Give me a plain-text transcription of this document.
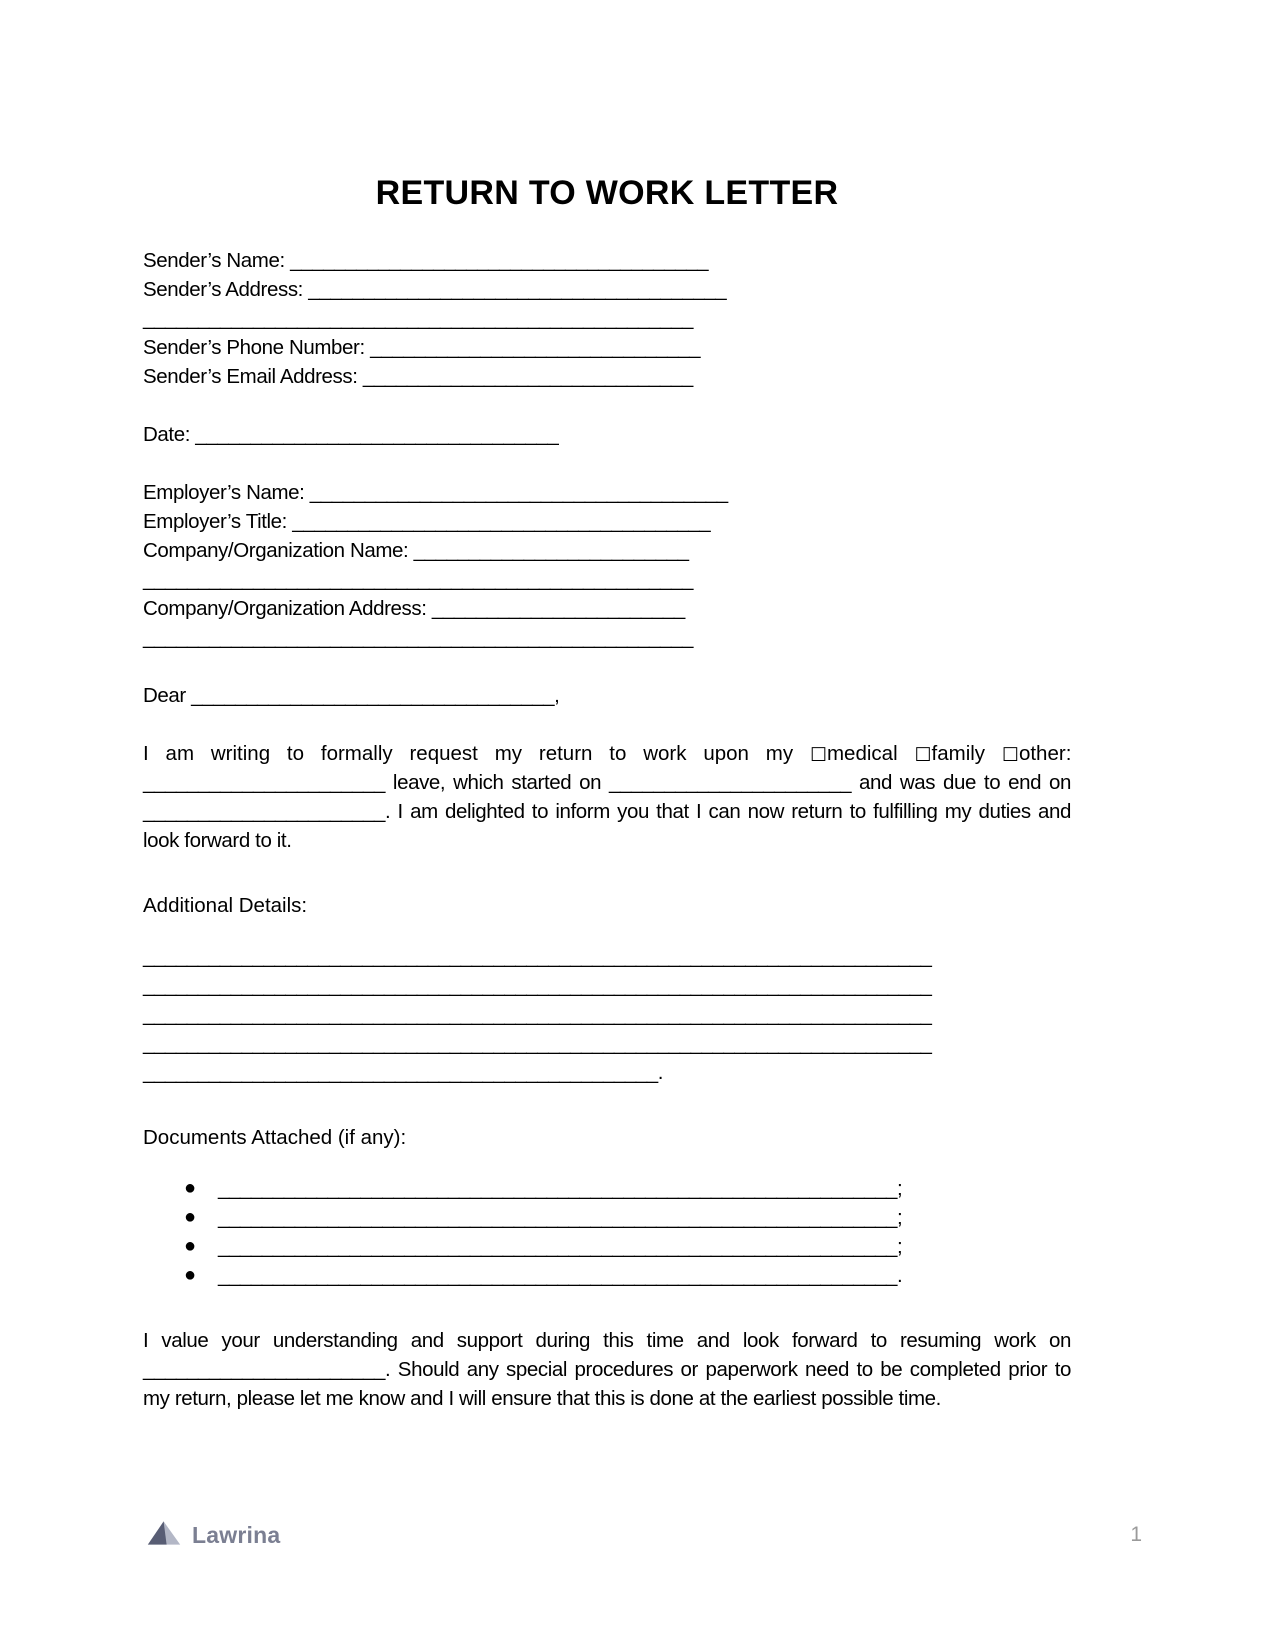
RETURN TO WORK LETTER
Sender’s Name: ______________________________________
Sender’s Address: ______________________________________
__________________________________________________
Sender’s Phone Number: ______________________________
Sender’s Email Address: ______________________________
Date: _________________________________
Employer’s Name: ______________________________________
Employer’s Title: ______________________________________
Company/Organization Name: _________________________
__________________________________________________
Company/Organization Address: _______________________
__________________________________________________
Dear _________________________________,

I am writing to formally request my return to work upon my ☐medical ☐family ☐other: ______________________ leave, which started on ______________________ and was due to end on ______________________. I am delighted to inform you that I can now return to fulfilling my duties and look forward to it.

Additional Details:
________________________________________________________________________
________________________________________________________________________
________________________________________________________________________
________________________________________________________________________
_______________________________________________.
Documents Attached (if any):
● ______________________________________________________________;
● ______________________________________________________________;
● ______________________________________________________________;
● ______________________________________________________________.

I value your understanding and support during this time and look forward to resuming work on ______________________. Should any special procedures or paperwork need to be completed prior to my return, please let me know and I will ensure that this is done at the earliest possible time.

Lawrina	1
